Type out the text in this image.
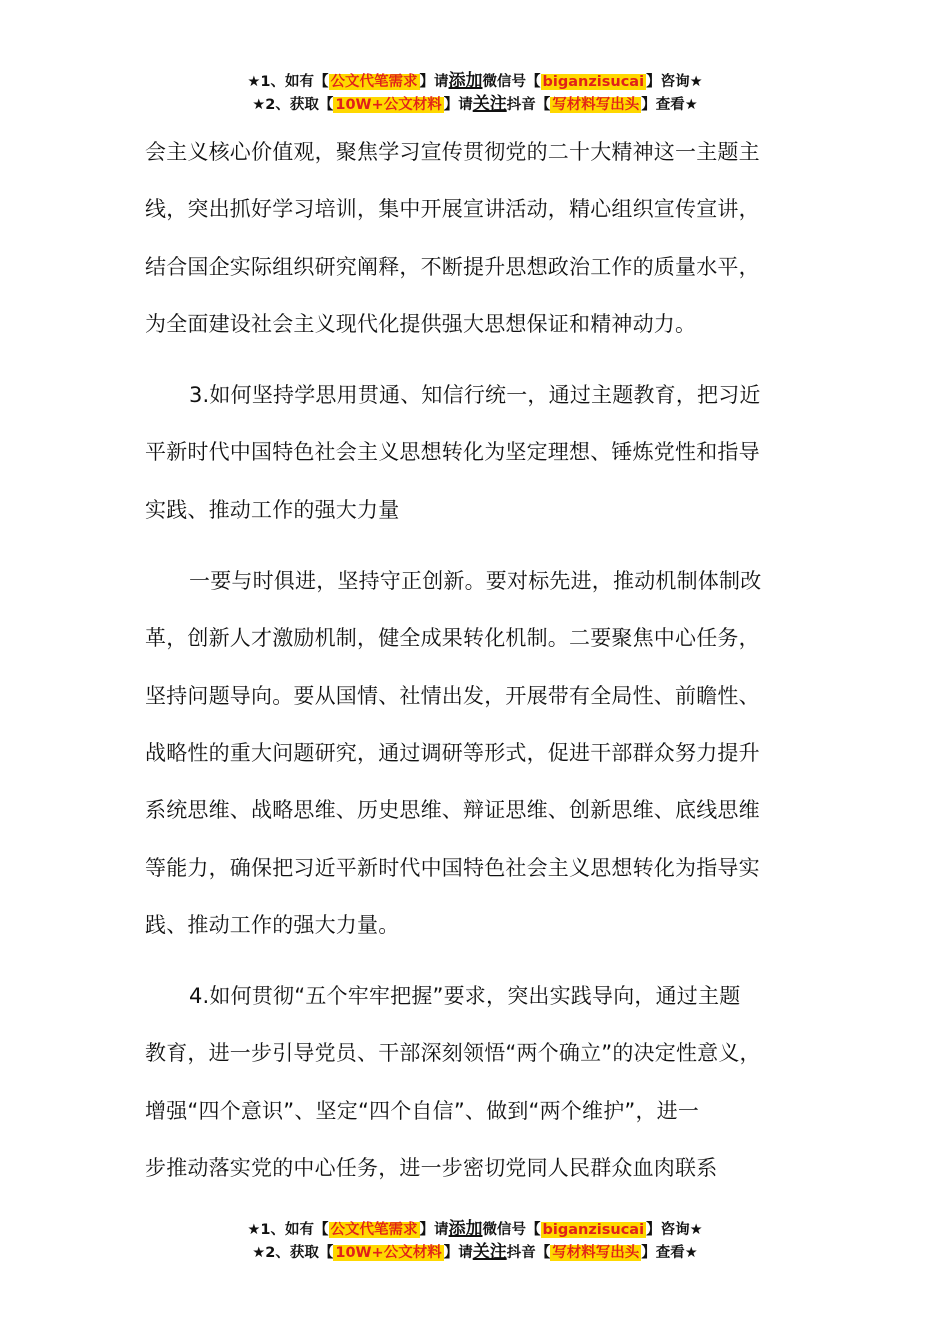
★1、如有【 公文代笔需求 】请添加微信号【 biganzisucai 】咨询★
★2、获取【 10W+公文材料 】请关注抖音【 写材料写出头 】查看★

会主义核心价值观，聚焦学习宣传贯彻党的二十大精神这一主题主
线，突出抓好学习培训，集中开展宣讲活动，精心组织宣传宣讲，
结合国企实际组织研究阐释，不断提升思想政治工作的质量水平，
为全面建设社会主义现代化提供强大思想保证和精神动力。

3.如何坚持学思用贯通、知信行统一，通过主题教育，把习近
平新时代中国特色社会主义思想转化为坚定理想、锤炼党性和指导
实践、推动工作的强大力量

一要与时俱进，坚持守正创新。要对标先进，推动机制体制改
革，创新人才激励机制，健全成果转化机制。二要聚焦中心任务，
坚持问题导向。要从国情、社情出发，开展带有全局性、前瞻性、
战略性的重大问题研究，通过调研等形式，促进干部群众努力提升
系统思维、战略思维、历史思维、辩证思维、创新思维、底线思维
等能力，确保把习近平新时代中国特色社会主义思想转化为指导实
践、推动工作的强大力量。

4.如何贯彻“五个牢牢把握”要求，突出实践导向，通过主题
教育，进一步引导党员、干部深刻领悟“两个确立”的决定性意义，
增强“四个意识”、坚定“四个自信”、做到“两个维护”，进一
步推动落实党的中心任务，进一步密切党同人民群众血肉联系

★1、如有【 公文代笔需求 】请添加微信号【 biganzisucai 】咨询★
★2、获取【 10W+公文材料 】请关注抖音【 写材料写出头 】查看★
